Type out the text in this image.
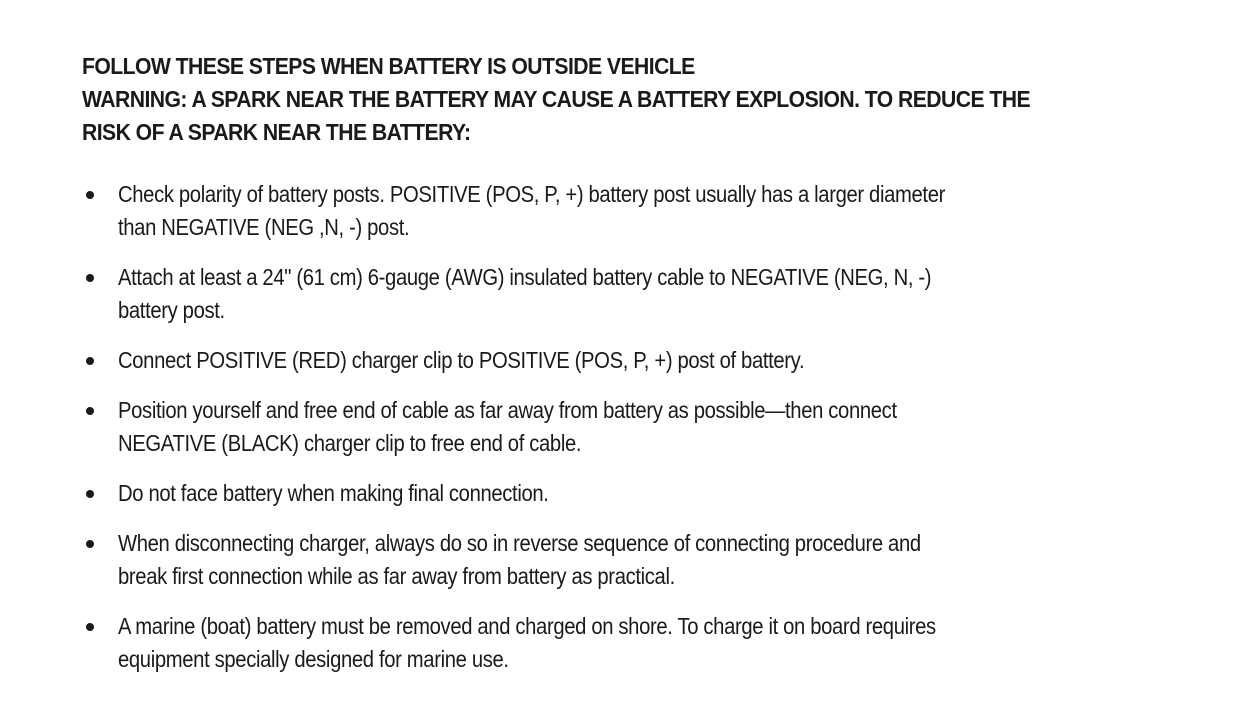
FOLLOW THESE STEPS WHEN BATTERY IS OUTSIDE VEHICLE
WARNING: A SPARK NEAR THE BATTERY MAY CAUSE A BATTERY EXPLOSION. TO REDUCE THE
RISK OF A SPARK NEAR THE BATTERY:
Check polarity of battery posts. POSITIVE (POS, P, +) battery post usually has a larger diameter
than NEGATIVE (NEG ,N, -) post.
Attach at least a 24" (61 cm) 6-gauge (AWG) insulated battery cable to NEGATIVE (NEG, N, -)
battery post.
Connect POSITIVE (RED) charger clip to POSITIVE (POS, P, +) post of battery.
Position yourself and free end of cable as far away from battery as possible—then connect
NEGATIVE (BLACK) charger clip to free end of cable.
Do not face battery when making final connection.
When disconnecting charger, always do so in reverse sequence of connecting procedure and
break first connection while as far away from battery as practical.
A marine (boat) battery must be removed and charged on shore. To charge it on board requires
equipment specially designed for marine use.
